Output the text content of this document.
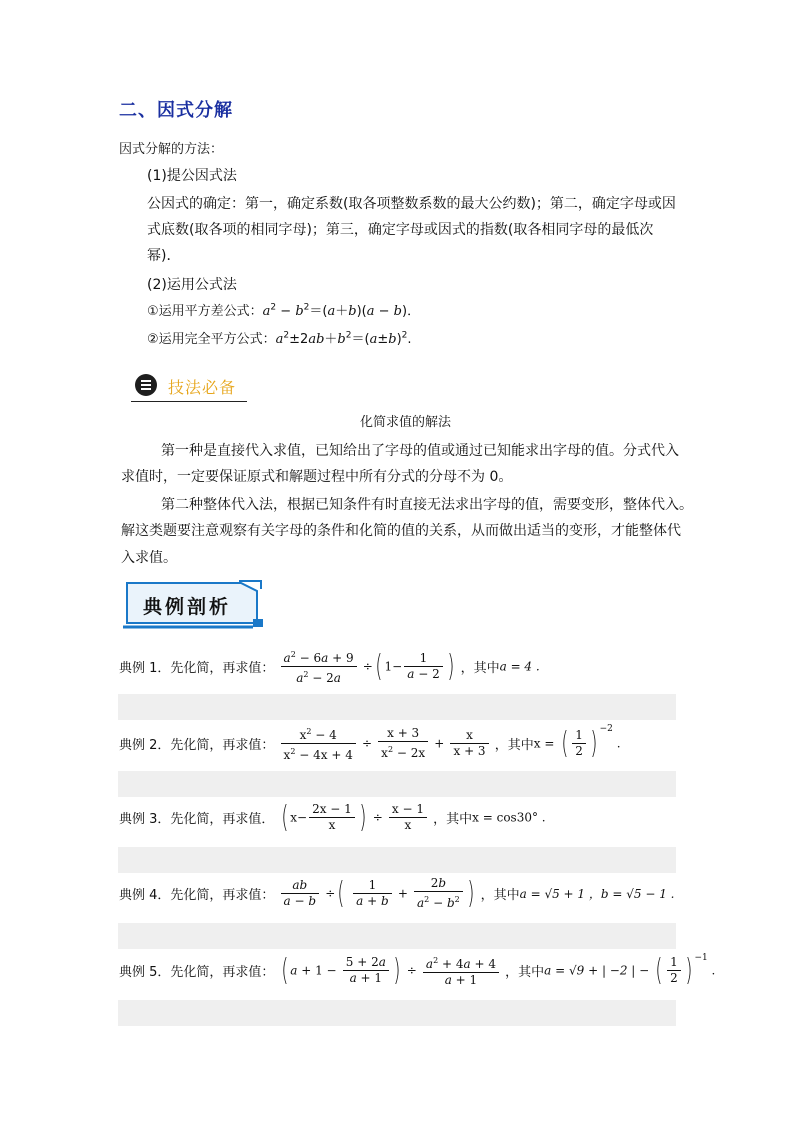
二、因式分解
因式分解的方法：
(1)提公因式法
公因式的确定：第一，确定系数(取各项整数系数的最大公约数)；第二，确定字母或因
式底数(取各项的相同字母)；第三，确定字母或因式的指数(取各相同字母的最低次
幂)．
(2)运用公式法
①运用平方差公式：$a^2 - b^2=(a+b)(a - b)$．
②运用完全平方公式：$a^2\pm 2ab+b^2=(a\pm b)^2$.
技法必备
化简求值的解法
第一种是直接代入求值，已知给出了字母的值或通过已知能求出字母的值。分式代入
求值时，一定要保证原式和解题过程中所有分式的分母不为 0。
第二种整体代入法，根据已知条件有时直接无法求出字母的值，需要变形，整体代入。
解这类题要注意观察有关字母的条件和化简的值的关系，从而做出适当的变形，才能整体代
入求值。
典例剖析
典例 1．先化简，再求值： $\frac{a^2 - 6a + 9}{a^2 - 2a}$ ÷( $1- \frac{1}{a - 2}$ ) ，其中a = 4 .
典例 2．先化简，再求值： $\frac{x^2 - 4}{x^2 - 4x + 4} \div \frac{x + 3}{x^2 - 2x} + \frac{x}{x + 3}$ ，其中x = ( $\frac{1}{2}$ ) $^{-2}$ .
典例 3．先化简，再求值． ( $x- \frac{2x - 1}{x}$ ) ÷ $\frac{x - 1}{x}$ ，其中x = cos30° .
典例 4．先化简，再求值： $\frac{ab}{a - b}$ ÷( $\frac{1}{a + b} + \frac{2b}{a^2 - b^2}$ ) ，其中a = √5 + 1 ，b = √5 − 1 .
典例 5．先化简，再求值： ( $a + 1 - \frac{5 + 2a}{a + 1}$ ) ÷ $\frac{a^2 + 4a + 4}{a + 1}$ ，其中a = √9 + | −2 | − ( $\frac{1}{2}$ ) $^{-1}$ .
